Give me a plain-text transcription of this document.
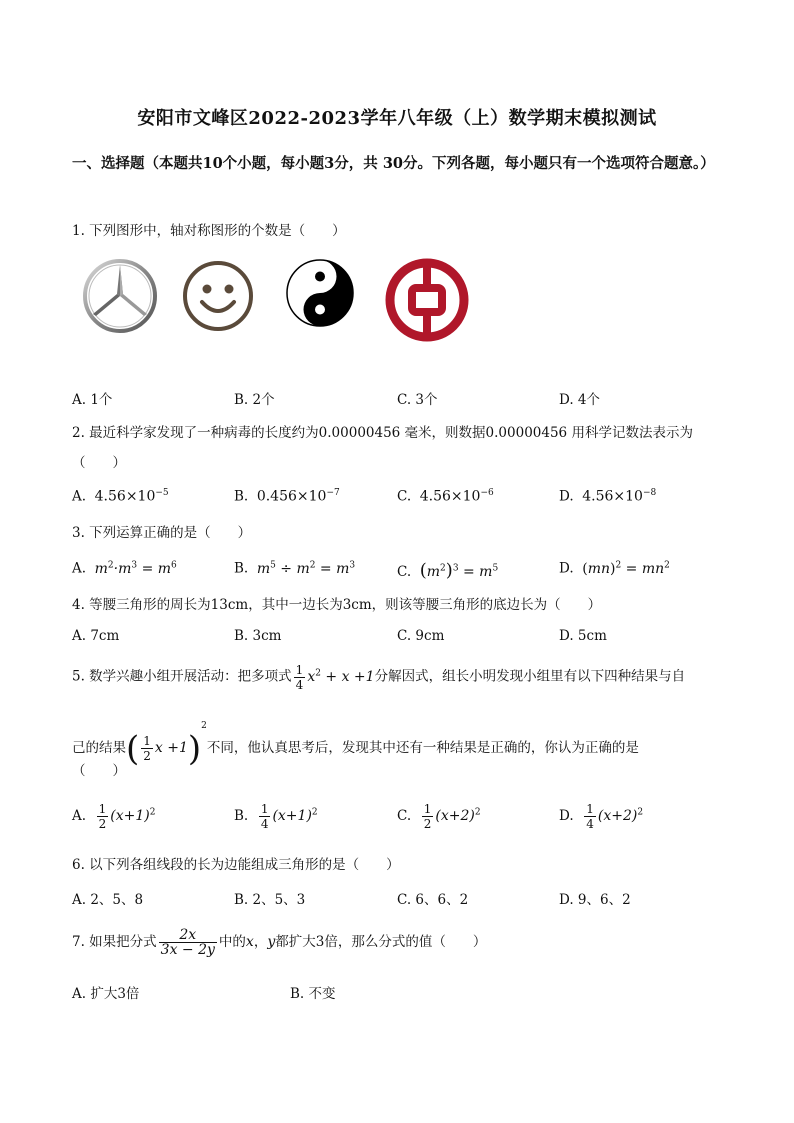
安阳市文峰区2022-2023学年八年级（上）数学期末模拟测试
一、选择题（本题共10个小题，每小题3分，共 30分。下列各题，每小题只有一个选项符合题意。）
1. 下列图形中，轴对称图形的个数是（　　）
A. 1个	B. 2个	C. 3个	D. 4个
2. 最近科学家发现了一种病毒的长度约为0.00000456 毫米，则数据0.00000456 用科学记数法表示为（　　）
A. $4.56\times 10^{-5}$	B. $0.456\times 10^{-7}$	C. $4.56\times 10^{-6}$	D. $4.56\times 10^{-8}$
3. 下列运算正确的是（　　）
A. $m^2\cdot m^3 = m^6$	B. $m^5 \div m^2 = m^3$	C. $(m^2)^3 = m^5$	D. $(mn)^2 = mn^2$
4. 等腰三角形的周长为13cm，其中一边长为3cm，则该等腰三角形的底边长为（　　）
A. 7cm	B. 3cm	C. 9cm	D. 5cm
5. 数学兴趣小组开展活动：把多项式 $\frac{1}{4} x^2 + x +1$分解因式，组长小明发现小组里有以下四种结果与自
己的结果( $\frac{1}{2}$ x +1)$^2$不同，他认真思考后，发现其中还有一种结果是正确的，你认为正确的是
（　　）
A. $\frac{1}{2} (x+1)^2$	B. $\frac{1}{4} (x+1)^2$	C. $\frac{1}{2} (x+2)^2$	D. $\frac{1}{4} (x+2)^2$
6. 以下列各组线段的长为边能组成三角形的是（　　）
A. 2、5、8	B. 2、5、3	C. 6、6、2	D. 9、6、2
7. 如果把分式 $\frac{2x}{3x - 2y}$ 中的x，y都扩大3倍，那么分式的值（　　）
A. 扩大3倍	B. 不变
